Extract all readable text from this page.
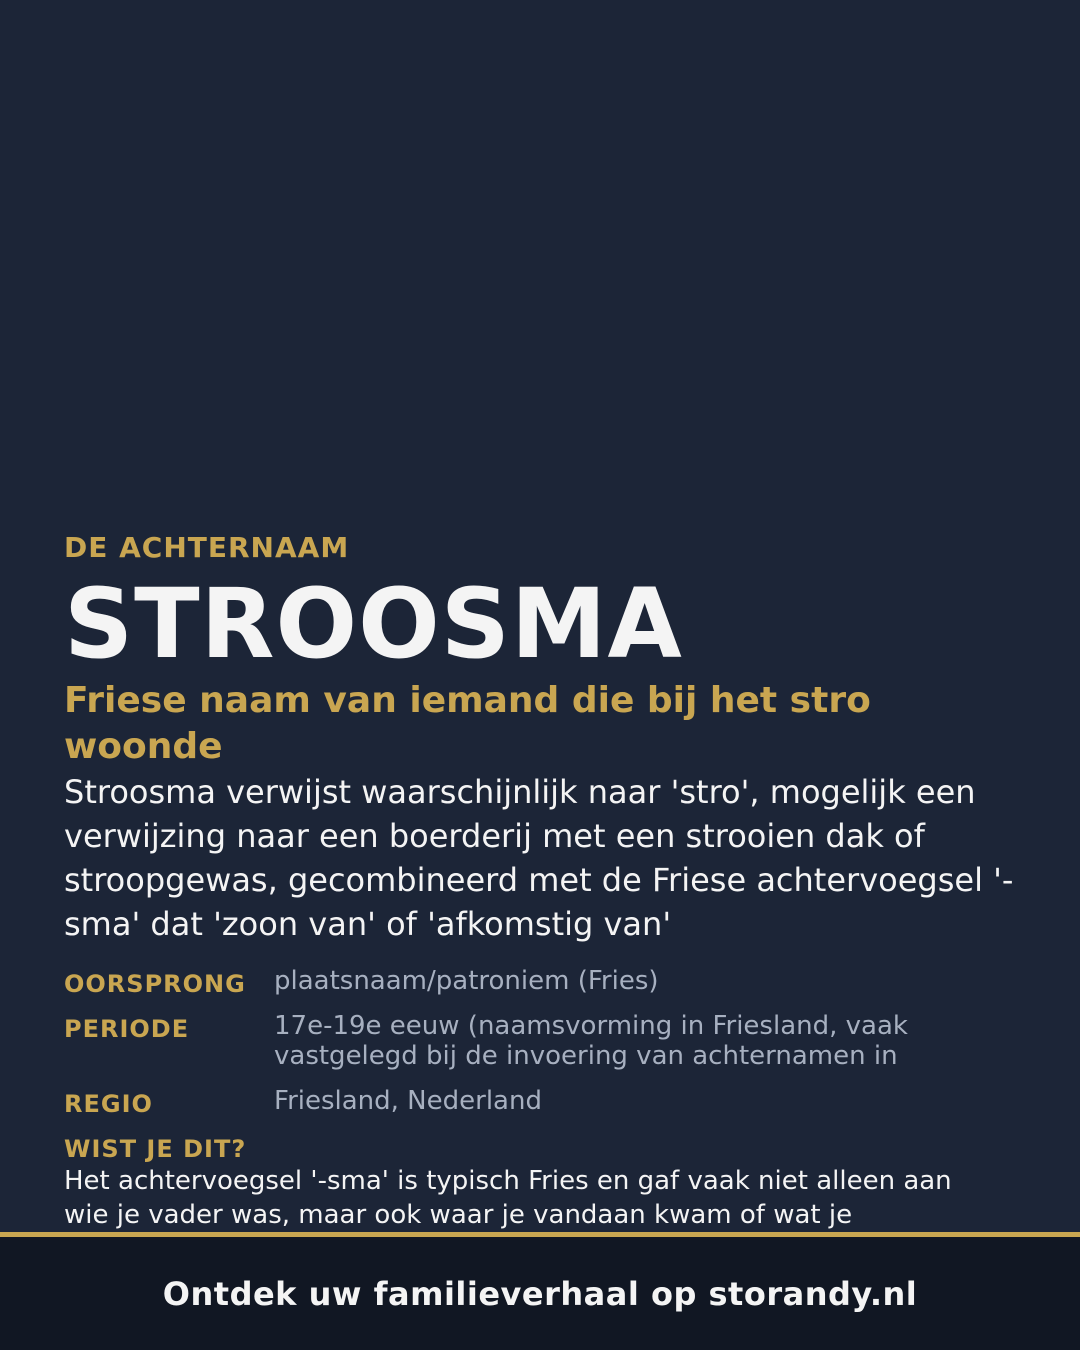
DE ACHTERNAAM

STROOSMA

Friese naam van iemand die bij het stro woonde

Stroosma verwijst waarschijnlijk naar 'stro', mogelijk een verwijzing naar een boerderij met een strooien dak of stroopgewas, gecombineerd met de Friese achtervoegsel '-sma' dat 'zoon van' of 'afkomstig van'

OORSPRONG	plaatsnaam/patroniem (Fries)
PERIODE	17e-19e eeuw (naamsvorming in Friesland, vaak vastgelegd bij de invoering van achternamen in
REGIO	Friesland, Nederland

WIST JE DIT?

Het achtervoegsel '-sma' is typisch Fries en gaf vaak niet alleen aan wie je vader was, maar ook waar je vandaan kwam of wat je

Ontdek uw familieverhaal op storandy.nl
